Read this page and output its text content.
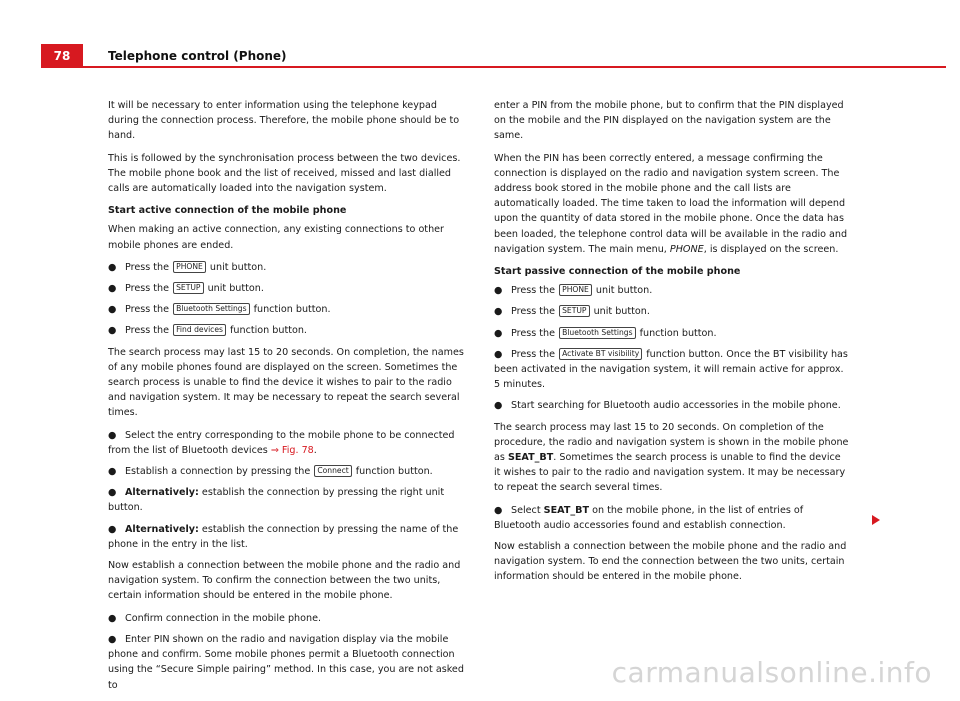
78	Telephone control (Phone)

It will be necessary to enter information using the telephone keypad during the connection process. Therefore, the mobile phone should be to hand.

This is followed by the synchronisation process between the two devices. The mobile phone book and the list of received, missed and last dialled calls are automatically loaded into the navigation system.

Start active connection of the mobile phone

When making an active connection, any existing connections to other mobile phones are ended.

● Press the PHONE unit button.

● Press the SETUP unit button.

● Press the Bluetooth Settings function button.

● Press the Find devices function button.

The search process may last 15 to 20 seconds. On completion, the names of any mobile phones found are displayed on the screen. Sometimes the search process is unable to find the device it wishes to pair to the radio and navigation system. It may be necessary to repeat the search several times.

● Select the entry corresponding to the mobile phone to be connected from the list of Bluetooth devices ⇒ Fig. 78.

● Establish a connection by pressing the Connect function button.

● Alternatively: establish the connection by pressing the right unit button.

● Alternatively: establish the connection by pressing the name of the phone in the entry in the list.

Now establish a connection between the mobile phone and the radio and navigation system. To confirm the connection between the two units, certain information should be entered in the mobile phone.

● Confirm connection in the mobile phone.

● Enter PIN shown on the radio and navigation display via the mobile phone and confirm. Some mobile phones permit a Bluetooth connection using the “Secure Simple pairing” method. In this case, you are not asked to

enter a PIN from the mobile phone, but to confirm that the PIN displayed on the mobile and the PIN displayed on the navigation system are the same.

When the PIN has been correctly entered, a message confirming the connection is displayed on the radio and navigation system screen. The address book stored in the mobile phone and the call lists are automatically loaded. The time taken to load the information will depend upon the quantity of data stored in the mobile phone. Once the data has been loaded, the telephone control data will be available in the radio and navigation system. The main menu, PHONE, is displayed on the screen.

Start passive connection of the mobile phone

● Press the PHONE unit button.

● Press the SETUP unit button.

● Press the Bluetooth Settings function button.

● Press the Activate BT visibility function button. Once the BT visibility has been activated in the navigation system, it will remain active for approx. 5 minutes.

● Start searching for Bluetooth audio accessories in the mobile phone.

The search process may last 15 to 20 seconds. On completion of the procedure, the radio and navigation system is shown in the mobile phone as SEAT_BT. Sometimes the search process is unable to find the device it wishes to pair to the radio and navigation system. It may be necessary to repeat the search several times.

● Select SEAT_BT on the mobile phone, in the list of entries of Bluetooth audio accessories found and establish connection.

Now establish a connection between the mobile phone and the radio and navigation system. To end the connection between the two units, certain information should be entered in the mobile phone.

carmanualsonline.info
